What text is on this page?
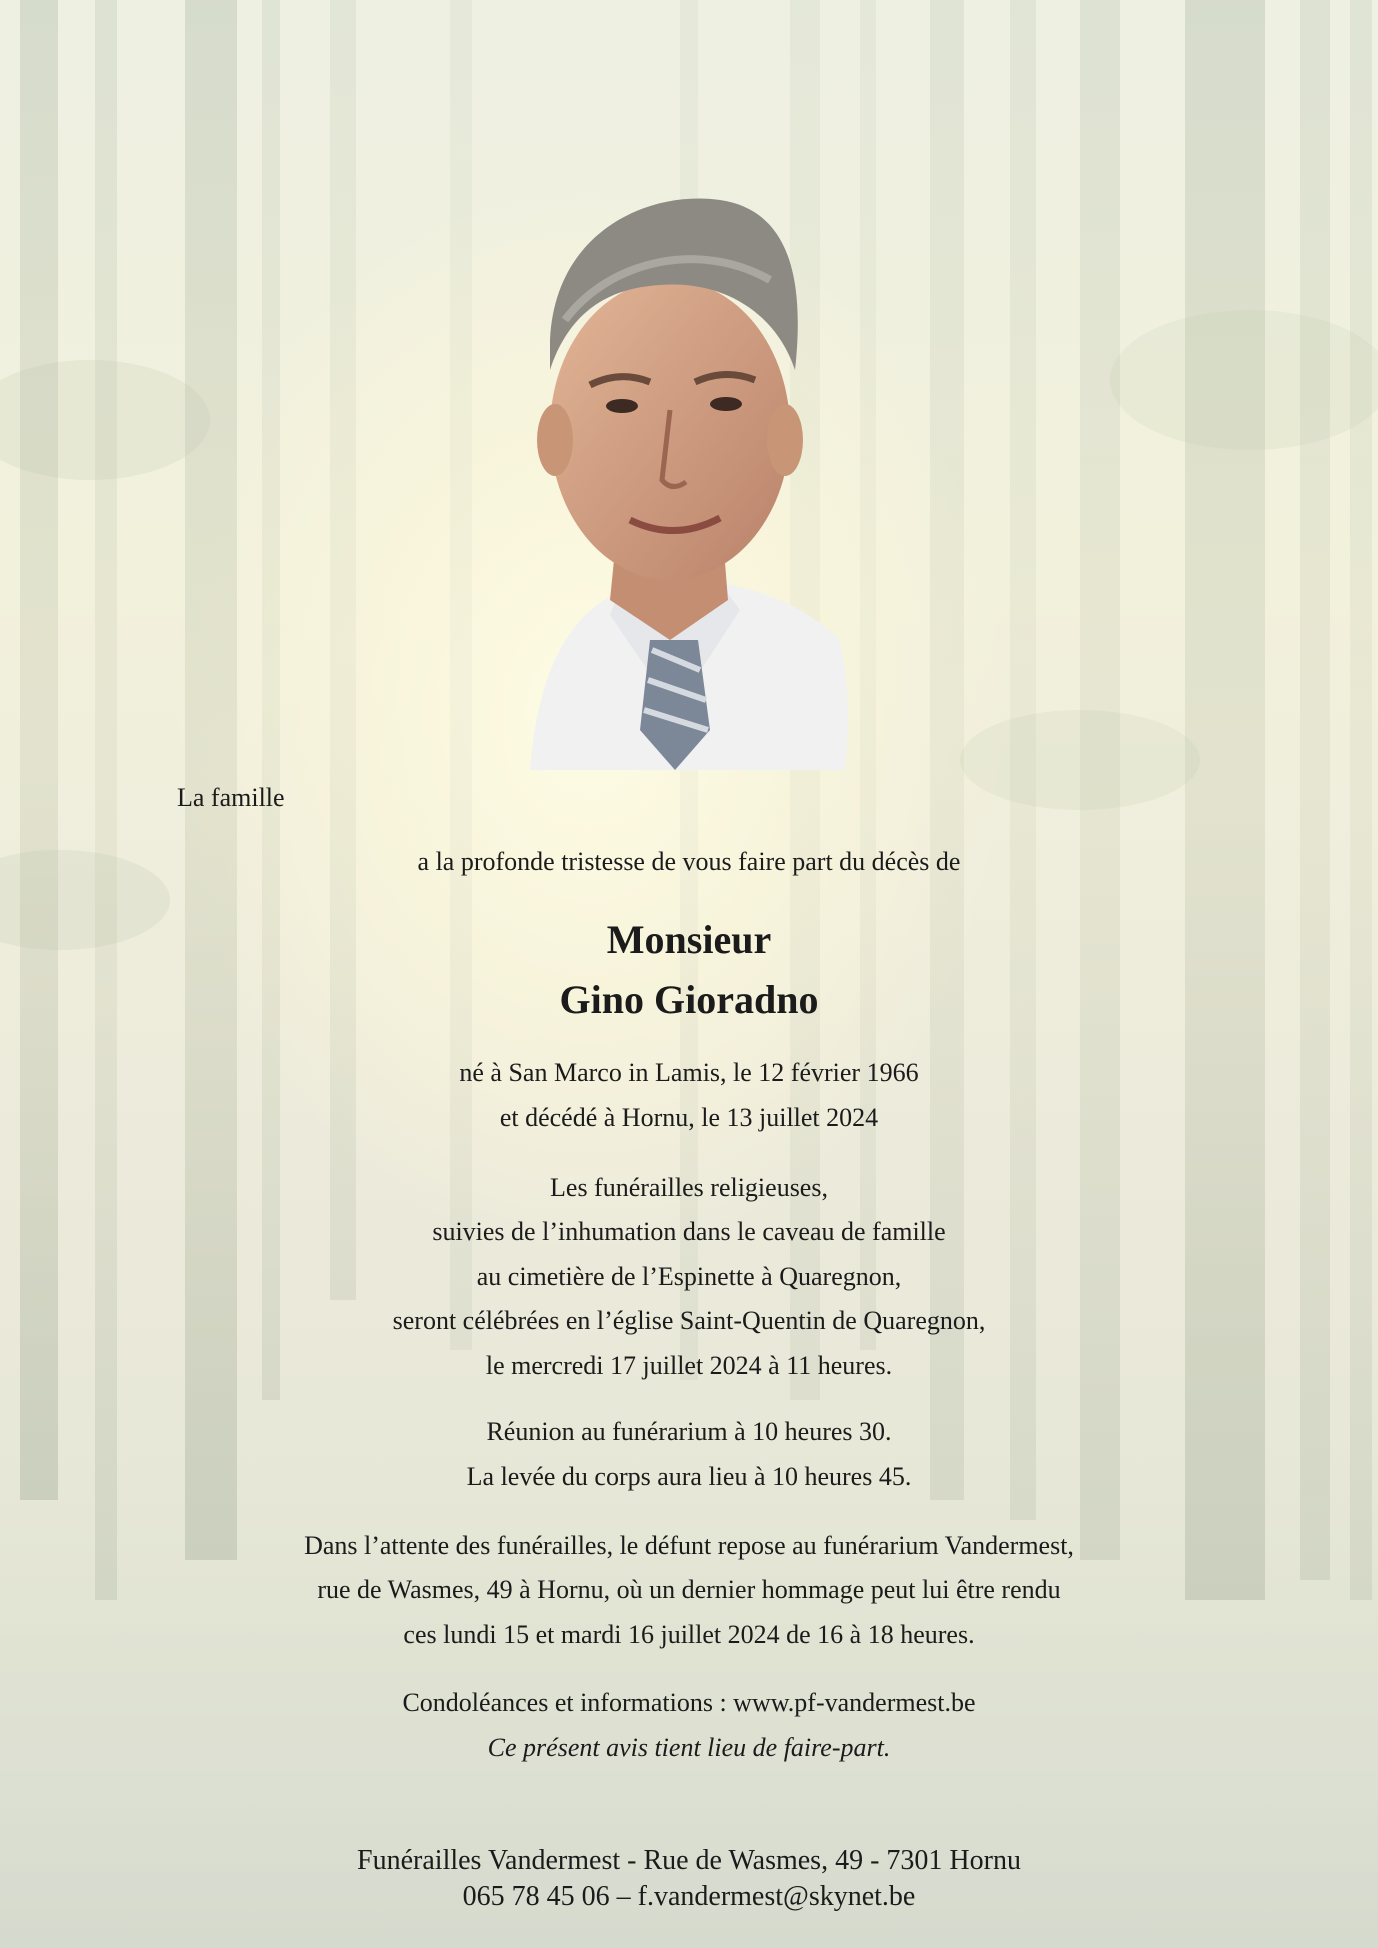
La famille
a la profonde tristesse de vous faire part du décès de
Monsieur
Gino Gioradno
né à San Marco in Lamis, le 12 février 1966
et décédé à Hornu, le 13 juillet 2024
Les funérailles religieuses,
suivies de l’inhumation dans le caveau de famille
au cimetière de l’Espinette à Quaregnon,
seront célébrées en l’église Saint-Quentin de Quaregnon,
le mercredi 17 juillet 2024 à 11 heures.
Réunion au funérarium à 10 heures 30.
La levée du corps aura lieu à 10 heures 45.
Dans l’attente des funérailles, le défunt repose au funérarium Vandermest,
rue de Wasmes, 49 à Hornu, où un dernier hommage peut lui être rendu
ces lundi 15 et mardi 16 juillet 2024 de 16 à 18 heures.
Condoléances et informations : www.pf-vandermest.be
Ce présent avis tient lieu de faire-part.
Funérailles Vandermest - Rue de Wasmes, 49 - 7301 Hornu
065 78 45 06 – f.vandermest@skynet.be
